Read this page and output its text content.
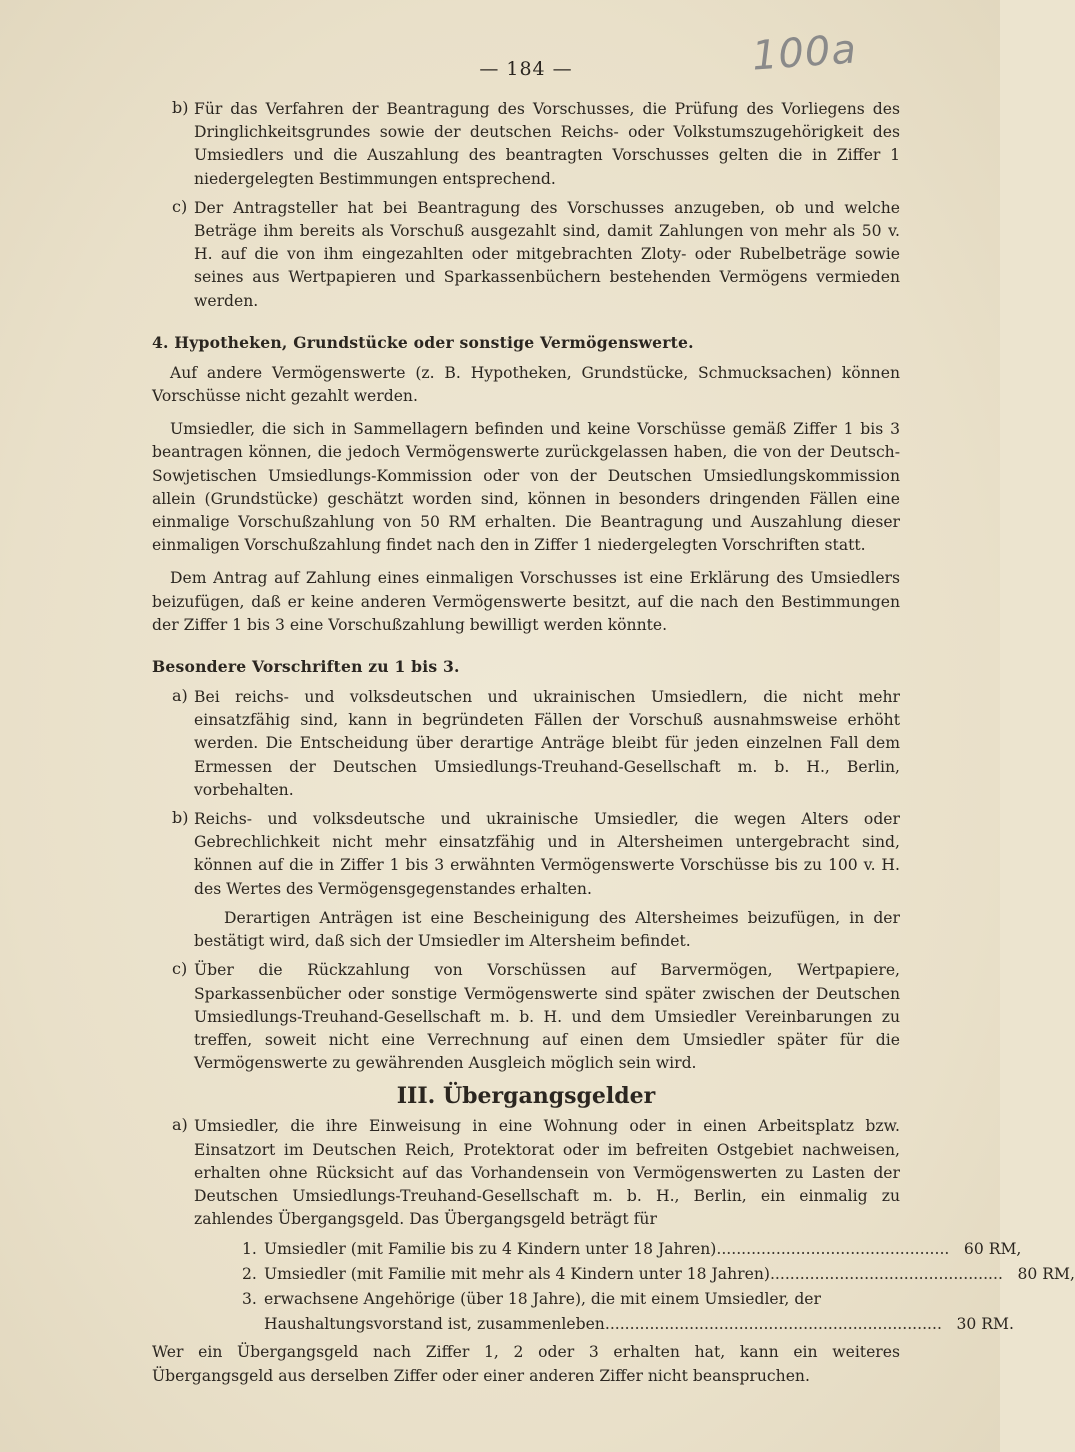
100a
— 184 —
b) Für das Verfahren der Beantragung des Vorschusses, die Prüfung des Vorliegens des Dringlichkeitsgrundes sowie der deutschen Reichs- oder Volkstumszugehörigkeit des Umsiedlers und die Auszahlung des beantragten Vorschusses gelten die in Ziffer 1 niedergelegten Bestimmungen entsprechend.

c) Der Antragsteller hat bei Beantragung des Vorschusses anzugeben, ob und welche Beträge ihm bereits als Vorschuß ausgezahlt sind, damit Zahlungen von mehr als 50 v. H. auf die von ihm eingezahlten oder mitgebrachten Zloty- oder Rubelbeträge sowie seines aus Wertpapieren und Sparkassenbüchern bestehenden Vermögens vermieden werden.

4. Hypotheken, Grundstücke oder sonstige Vermögenswerte.

Auf andere Vermögenswerte (z. B. Hypotheken, Grundstücke, Schmucksachen) können Vorschüsse nicht gezahlt werden.

Umsiedler, die sich in Sammellagern befinden und keine Vorschüsse gemäß Ziffer 1 bis 3 beantragen können, die jedoch Vermögenswerte zurückgelassen haben, die von der Deutsch-Sowjetischen Umsiedlungs-Kommission oder von der Deutschen Umsiedlungskommission allein (Grundstücke) geschätzt worden sind, können in besonders dringenden Fällen eine einmalige Vorschußzahlung von 50 RM erhalten. Die Beantragung und Auszahlung dieser einmaligen Vorschußzahlung findet nach den in Ziffer 1 niedergelegten Vorschriften statt.

Dem Antrag auf Zahlung eines einmaligen Vorschusses ist eine Erklärung des Umsiedlers beizufügen, daß er keine anderen Vermögenswerte besitzt, auf die nach den Bestimmungen der Ziffer 1 bis 3 eine Vorschußzahlung bewilligt werden könnte.

Besondere Vorschriften zu 1 bis 3.
a) Bei reichs- und volksdeutschen und ukrainischen Umsiedlern, die nicht mehr einsatzfähig sind, kann in begründeten Fällen der Vorschuß ausnahmsweise erhöht werden. Die Entscheidung über derartige Anträge bleibt für jeden einzelnen Fall dem Ermessen der Deutschen Umsiedlungs-Treuhand-Gesellschaft m. b. H., Berlin, vorbehalten.

b) Reichs- und volksdeutsche und ukrainische Umsiedler, die wegen Alters oder Gebrechlichkeit nicht mehr einsatzfähig und in Altersheimen untergebracht sind, können auf die in Ziffer 1 bis 3 erwähnten Vermögenswerte Vorschüsse bis zu 100 v. H. des Wertes des Vermögensgegenstandes erhalten.

Derartigen Anträgen ist eine Bescheinigung des Altersheimes beizufügen, in der bestätigt wird, daß sich der Umsiedler im Altersheim befindet.

c) Über die Rückzahlung von Vorschüssen auf Barvermögen, Wertpapiere, Sparkassenbücher oder sonstige Vermögenswerte sind später zwischen der Deutschen Umsiedlungs-Treuhand-Gesellschaft m. b. H. und dem Umsiedler Vereinbarungen zu treffen, soweit nicht eine Verrechnung auf einen dem Umsiedler später für die Vermögenswerte zu gewährenden Ausgleich möglich sein wird.

III. Übergangsgelder
a) Umsiedler, die ihre Einweisung in eine Wohnung oder in einen Arbeitsplatz bzw. Einsatzort im Deutschen Reich, Protektorat oder im befreiten Ostgebiet nachweisen, erhalten ohne Rücksicht auf das Vorhandensein von Vermögenswerten zu Lasten der Deutschen Umsiedlungs-Treuhand-Gesellschaft m. b. H., Berlin, ein einmalig zu zahlendes Übergangsgeld. Das Übergangsgeld beträgt für

1. Umsiedler (mit Familie bis zu 4 Kindern unter 18 Jahren) ............................................... 60 RM,
2. Umsiedler (mit Familie mit mehr als 4 Kindern unter 18 Jahren) ............................................... 80 RM,
3. erwachsene Angehörige (über 18 Jahre), die mit einem Umsiedler, der
Haushaltungsvorstand ist, zusammenleben .................................................................... 30 RM.

Wer ein Übergangsgeld nach Ziffer 1, 2 oder 3 erhalten hat, kann ein weiteres Übergangsgeld aus derselben Ziffer oder einer anderen Ziffer nicht beanspruchen.
